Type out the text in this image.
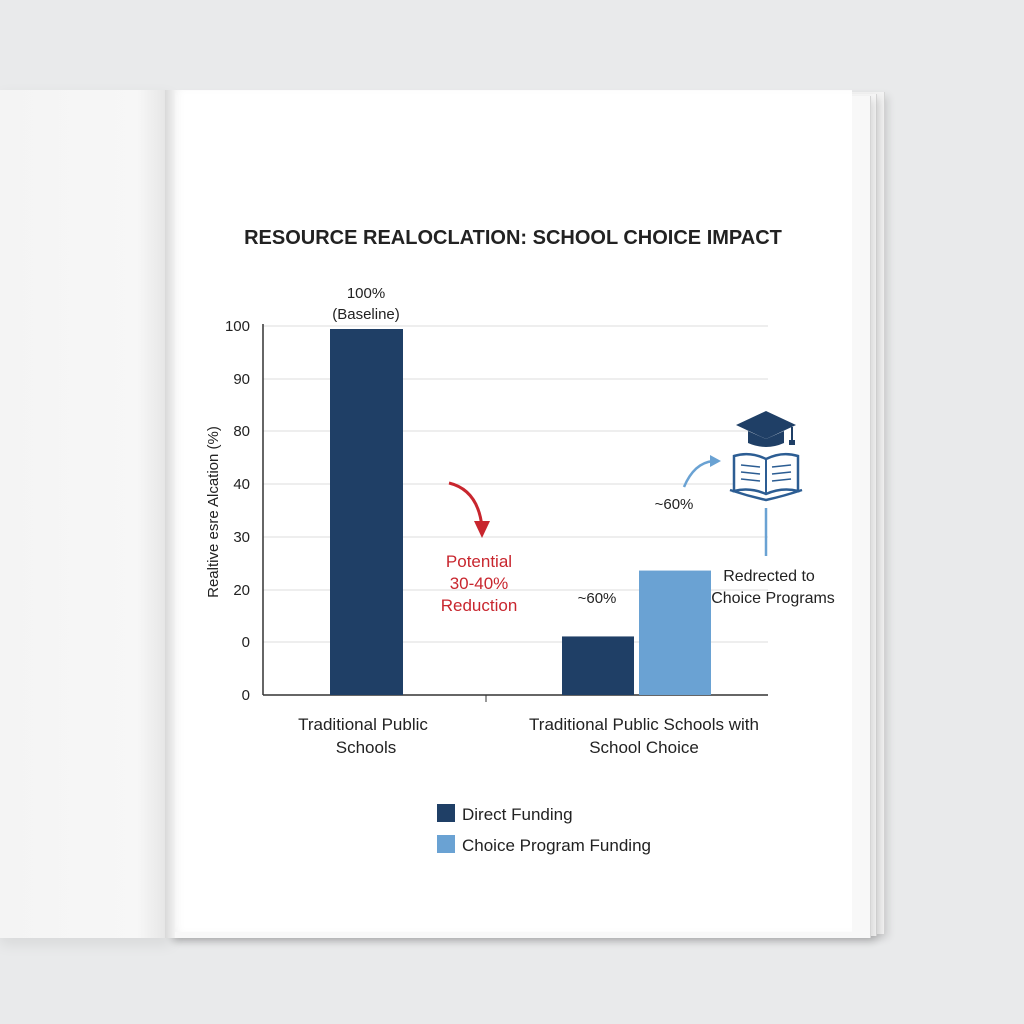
RESOURCE REALOCLATION: SCHOOL CHOICE IMPACT
100
90
80
40
30
20
0
0
Realtive esre Alcation (%)
100%
(Baseline)
~60%
~60%
Potential
30-40%
Reduction
Redrected to
Choice Programs
Traditional Public
Schools
Traditional Public Schools with
School Choice
Direct Funding
Choice Program Funding
